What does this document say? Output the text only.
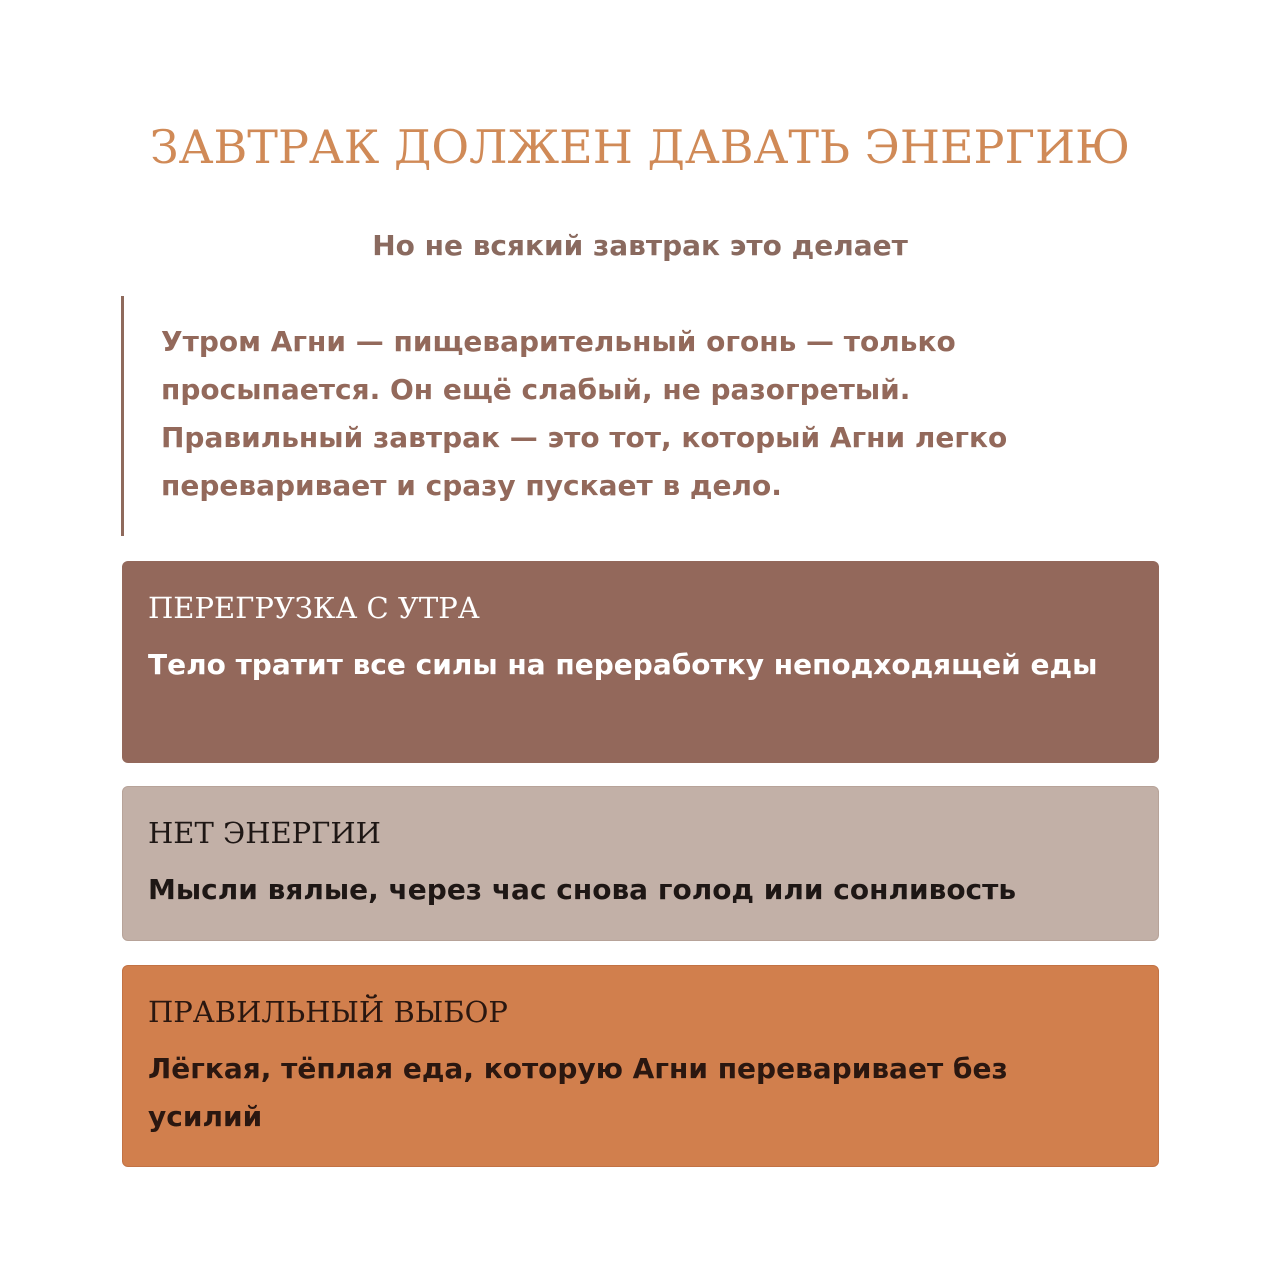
ЗАВТРАК ДОЛЖЕН ДАВАТЬ ЭНЕРГИЮ

Но не всякий завтрак это делает

Утром Агни — пищеварительный огонь — только просыпается. Он ещё слабый, не разогретый. Правильный завтрак — это тот, который Агни легко переваривает и сразу пускает в дело.

ПЕРЕГРУЗКА С УТРА

Тело тратит все силы на переработку неподходящей еды

НЕТ ЭНЕРГИИ

Мысли вялые, через час снова голод или сонливость

ПРАВИЛЬНЫЙ ВЫБОР

Лёгкая, тёплая еда, которую Агни переваривает без усилий
